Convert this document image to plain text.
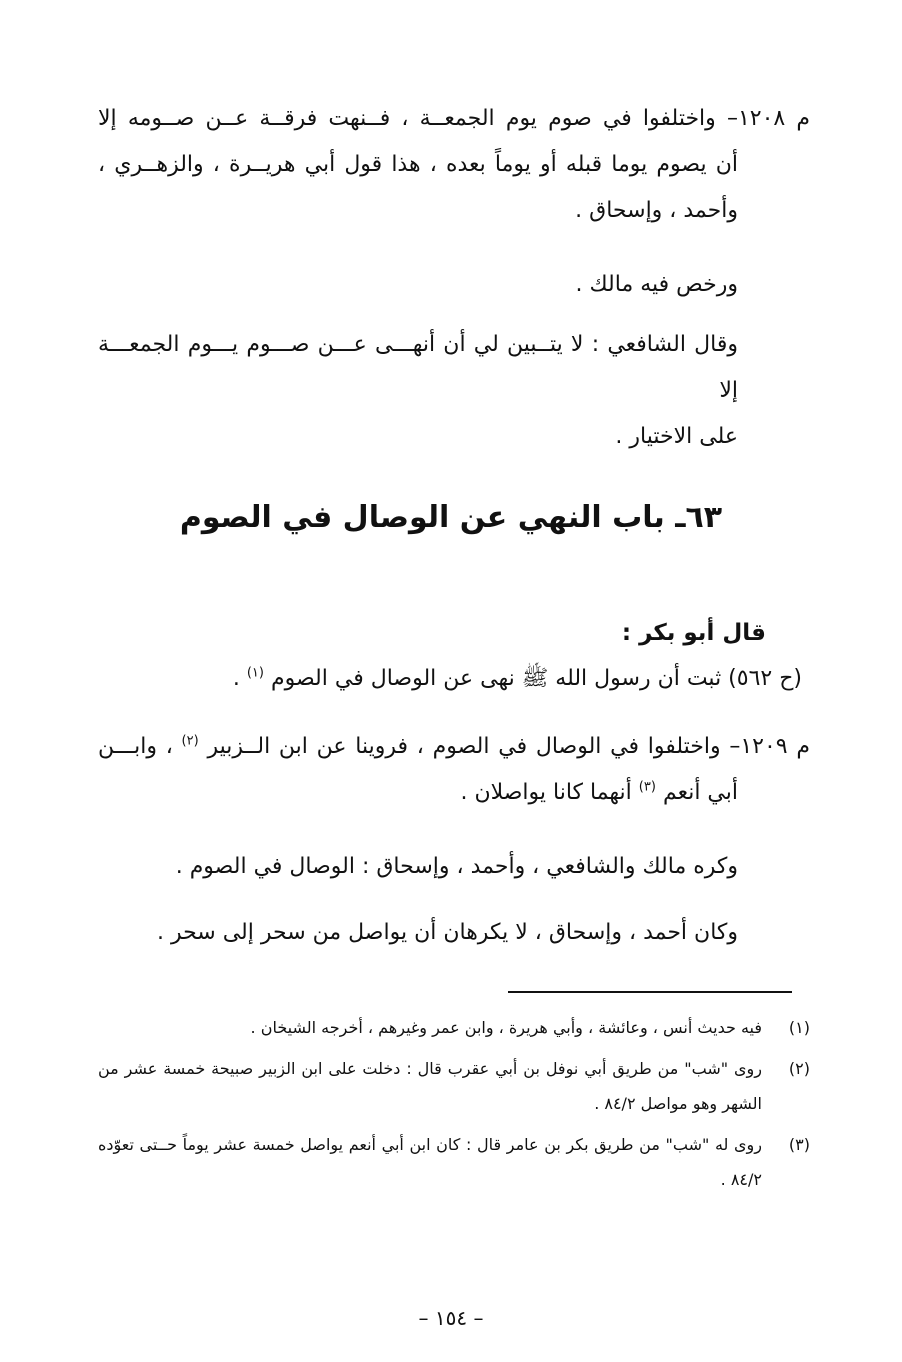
م ١٢٠٨– واختلفوا في صوم يوم الجمعــة ، فــنهت فرقــة عــن صــومه إلا
أن يصوم يوما قبله أو يوماً بعده ، هذا قول أبي هريــرة ، والزهــري ،
وأحمد ، وإسحاق .
ورخص فيه مالك .
وقال الشافعي : لا يتــبين لي أن أنهـــى عـــن صـــوم يـــوم الجمعـــة إلا
على الاختيار .
٦٣ـ باب النهي عن الوصال في الصوم
قال أبو بكر :
(ح ٥٦٢) ثبت أن رسول الله ﷺ نهى عن الوصال في الصوم $^{(١)}$ .
م ١٢٠٩– واختلفوا في الوصال في الصوم ، فروينا عن ابن الــزبير $^{(٢)}$ ، وابـــن
أبي أنعم $^{(٣)}$ أنهما كانا يواصلان .
وكره مالك والشافعي ، وأحمد ، وإسحاق : الوصال في الصوم .
وكان أحمد ، وإسحاق ، لا يكرهان أن يواصل من سحر إلى سحر .
(١)
فيه حديث أنس ، وعائشة ، وأبي هريرة ، وابن عمر وغيرهم ، أخرجه الشيخان .
(٢)
روى "شب" من طريق أبي نوفل بن أبي عقرب قال : دخلت على ابن الزبير صبيحة خمسة عشر من الشهر وهو مواصل ٨٤/٢ .
(٣)
روى له "شب" من طريق بكر بن عامر قال : كان ابن أبي أنعم يواصل خمسة عشر يوماً حــتى تعوّده ٨٤/٢ .
– ١٥٤ –
